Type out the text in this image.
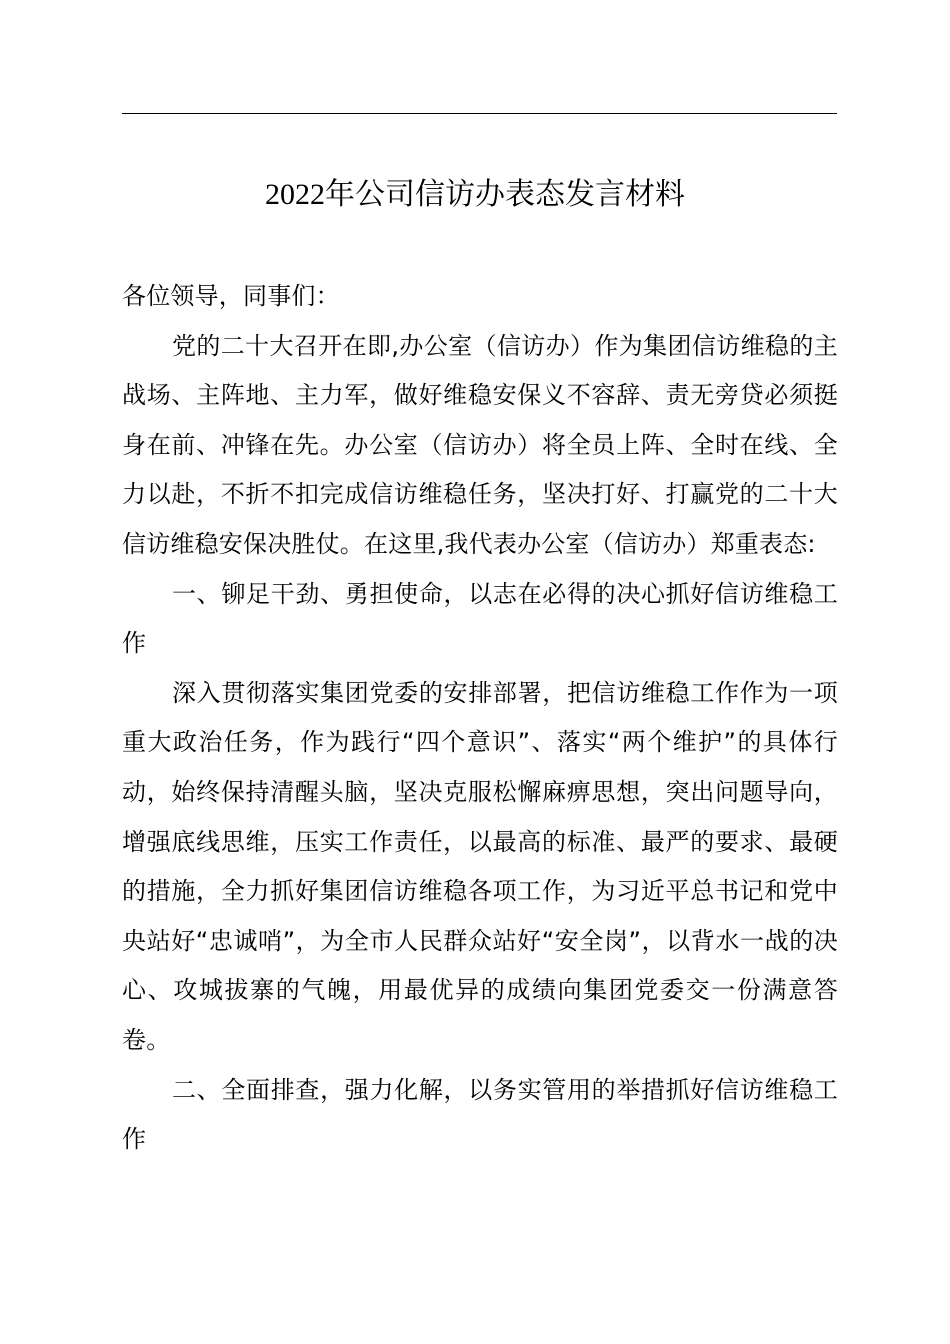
2022年公司信访办表态发言材料

各位领导，同事们：

党的二十大召开在即,办公室（信访办）作为集团信访维稳的主战场、主阵地、主力军，做好维稳安保义不容辞、责无旁贷必须挺身在前、冲锋在先。办公室（信访办）将全员上阵、全时在线、全力以赴，不折不扣完成信访维稳任务，坚决打好、打赢党的二十大信访维稳安保决胜仗。在这里,我代表办公室（信访办）郑重表态:

一、铆足干劲、勇担使命，以志在必得的决心抓好信访维稳工作

深入贯彻落实集团党委的安排部署，把信访维稳工作作为一项重大政治任务，作为践行“四个意识”、落实“两个维护”的具体行动，始终保持清醒头脑，坚决克服松懈麻痹思想，突出问题导向，增强底线思维，压实工作责任，以最高的标准、最严的要求、最硬的措施，全力抓好集团信访维稳各项工作，为习近平总书记和党中央站好“忠诚哨”，为全市人民群众站好“安全岗”，以背水一战的决心、攻城拔寨的气魄，用最优异的成绩向集团党委交一份满意答卷。

二、全面排查，强力化解，以务实管用的举措抓好信访维稳工作
